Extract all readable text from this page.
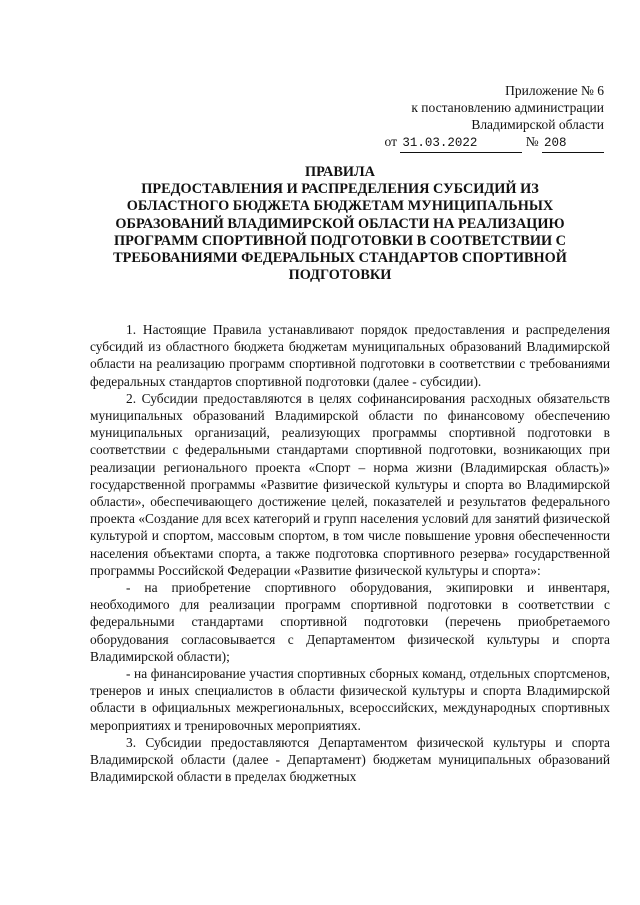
Приложение № 6
к постановлению администрации
Владимирской области
от 31.03.2022	№ 208
ПРАВИЛА
ПРЕДОСТАВЛЕНИЯ И РАСПРЕДЕЛЕНИЯ СУБСИДИЙ ИЗ
ОБЛАСТНОГО БЮДЖЕТА БЮДЖЕТАМ МУНИЦИПАЛЬНЫХ
ОБРАЗОВАНИЙ ВЛАДИМИРСКОЙ ОБЛАСТИ НА РЕАЛИЗАЦИЮ
ПРОГРАММ СПОРТИВНОЙ ПОДГОТОВКИ В СООТВЕТСТВИИ С
ТРЕБОВАНИЯМИ ФЕДЕРАЛЬНЫХ СТАНДАРТОВ СПОРТИВНОЙ
ПОДГОТОВКИ

1. Настоящие Правила устанавливают порядок предоставления и распределения субсидий из областного бюджета бюджетам муниципальных образований Владимирской области на реализацию программ спортивной подготовки в соответствии с требованиями федеральных стандартов спортивной подготовки (далее - субсидии).

2. Субсидии предоставляются в целях софинансирования расходных обязательств муниципальных образований Владимирской области по финансовому обеспечению муниципальных организаций, реализующих программы спортивной подготовки в соответствии с федеральными стандартами спортивной подготовки, возникающих при реализации регионального проекта «Спорт – норма жизни (Владимирская область)» государственной программы «Развитие физической культуры и спорта во Владимирской области», обеспечивающего достижение целей, показателей и результатов федерального проекта «Создание для всех категорий и групп населения условий для занятий физической культурой и спортом, массовым спортом, в том числе повышение уровня обеспеченности населения объектами спорта, а также подготовка спортивного резерва» государственной программы Российской Федерации «Развитие физической культуры и спорта»:

- на приобретение спортивного оборудования, экипировки и инвентаря, необходимого для реализации программ спортивной подготовки в соответствии с федеральными стандартами спортивной подготовки (перечень приобретаемого оборудования согласовывается с Департаментом физической культуры и спорта Владимирской области);

- на финансирование участия спортивных сборных команд, отдельных спортсменов, тренеров и иных специалистов в области физической культуры и спорта Владимирской области в официальных межрегиональных, всероссийских, международных спортивных мероприятиях и тренировочных мероприятиях.

3. Субсидии предоставляются Департаментом физической культуры и спорта Владимирской области (далее - Департамент) бюджетам муниципальных образований Владимирской области в пределах бюджетных
